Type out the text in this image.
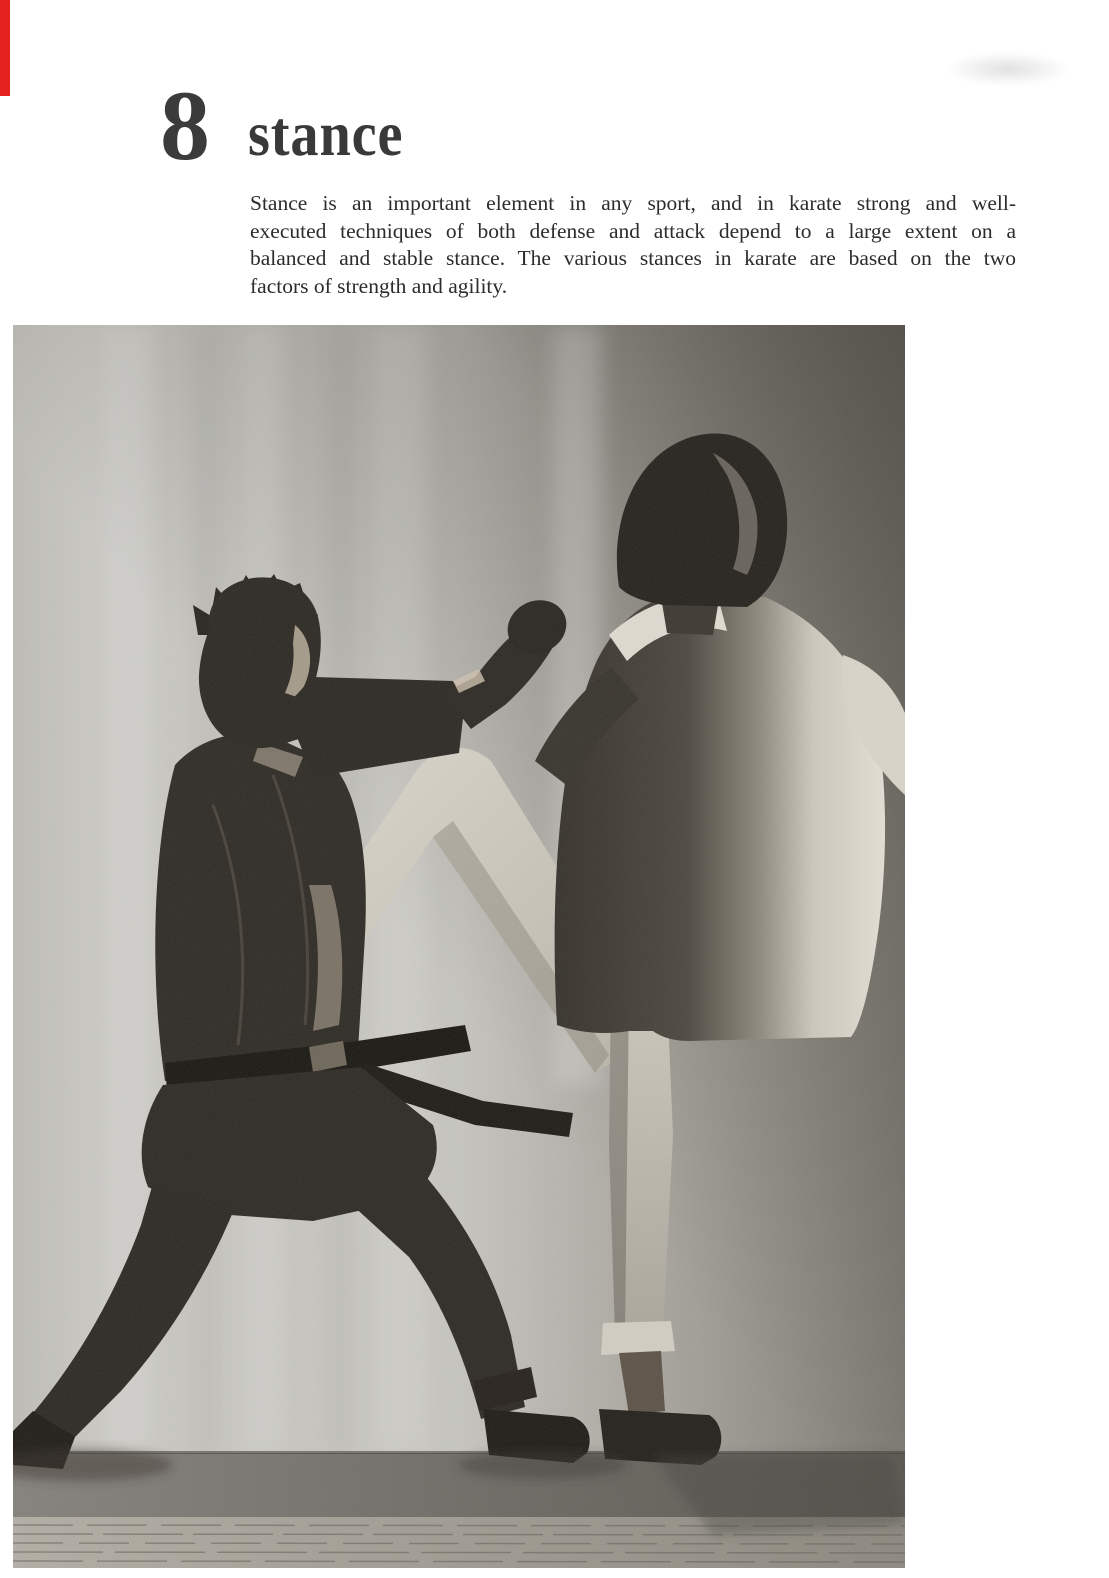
8 stance

Stance is an important element in any sport, and in karate strong and well-
executed techniques of both defense and attack depend to a large extent on a
balanced and stable stance. The various stances in karate are based on the two
factors of strength and agility.
